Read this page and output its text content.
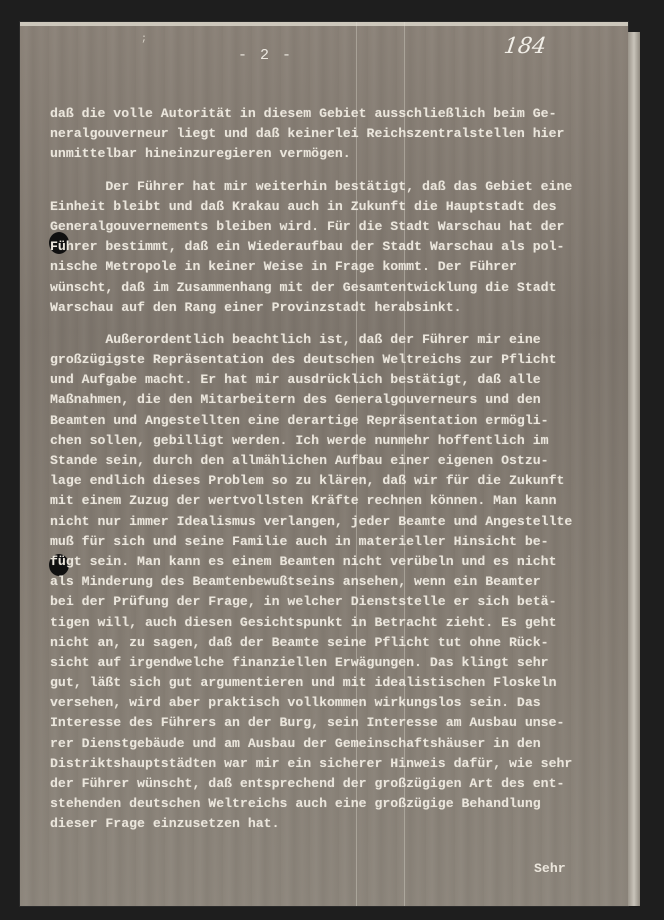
;
- 2 -	184
daß die volle Autorität in diesem Gebiet ausschließlich beim Ge-
neralgouverneur liegt und daß keinerlei Reichszentralstellen hier
unmittelbar hineinzuregieren vermögen.
Der Führer hat mir weiterhin bestätigt, daß das Gebiet eine
Einheit bleibt und daß Krakau auch in Zukunft die Hauptstadt des
Generalgouvernements bleiben wird. Für die Stadt Warschau hat der
Führer bestimmt, daß ein Wiederaufbau der Stadt Warschau als pol-
nische Metropole in keiner Weise in Frage kommt. Der Führer
wünscht, daß im Zusammenhang mit der Gesamtentwicklung die Stadt
Warschau auf den Rang einer Provinzstadt herabsinkt.
Außerordentlich beachtlich ist, daß der Führer mir eine
großzügigste Repräsentation des deutschen Weltreichs zur Pflicht
und Aufgabe macht. Er hat mir ausdrücklich bestätigt, daß alle
Maßnahmen, die den Mitarbeitern des Generalgouverneurs und den
Beamten und Angestellten eine derartige Repräsentation ermögli-
chen sollen, gebilligt werden. Ich werde nunmehr hoffentlich im
Stande sein, durch den allmählichen Aufbau einer eigenen Ostzu-
lage endlich dieses Problem so zu klären, daß wir für die Zukunft
mit einem Zuzug der wertvollsten Kräfte rechnen können. Man kann
nicht nur immer Idealismus verlangen, jeder Beamte und Angestellte
muß für sich und seine Familie auch in materieller Hinsicht be-
fügt sein. Man kann es einem Beamten nicht verübeln und es nicht
als Minderung des Beamtenbewußtseins ansehen, wenn ein Beamter
bei der Prüfung der Frage, in welcher Dienststelle er sich betä-
tigen will, auch diesen Gesichtspunkt in Betracht zieht. Es geht
nicht an, zu sagen, daß der Beamte seine Pflicht tut ohne Rück-
sicht auf irgendwelche finanziellen Erwägungen. Das klingt sehr
gut, läßt sich gut argumentieren und mit idealistischen Floskeln
versehen, wird aber praktisch vollkommen wirkungslos sein. Das
Interesse des Führers an der Burg, sein Interesse am Ausbau unse-
rer Dienstgebäude und am Ausbau der Gemeinschaftshäuser in den
Distriktshauptstädten war mir ein sicherer Hinweis dafür, wie sehr
der Führer wünscht, daß entsprechend der großzügigen Art des ent-
stehenden deutschen Weltreichs auch eine großzügige Behandlung
dieser Frage einzusetzen hat.
Sehr
